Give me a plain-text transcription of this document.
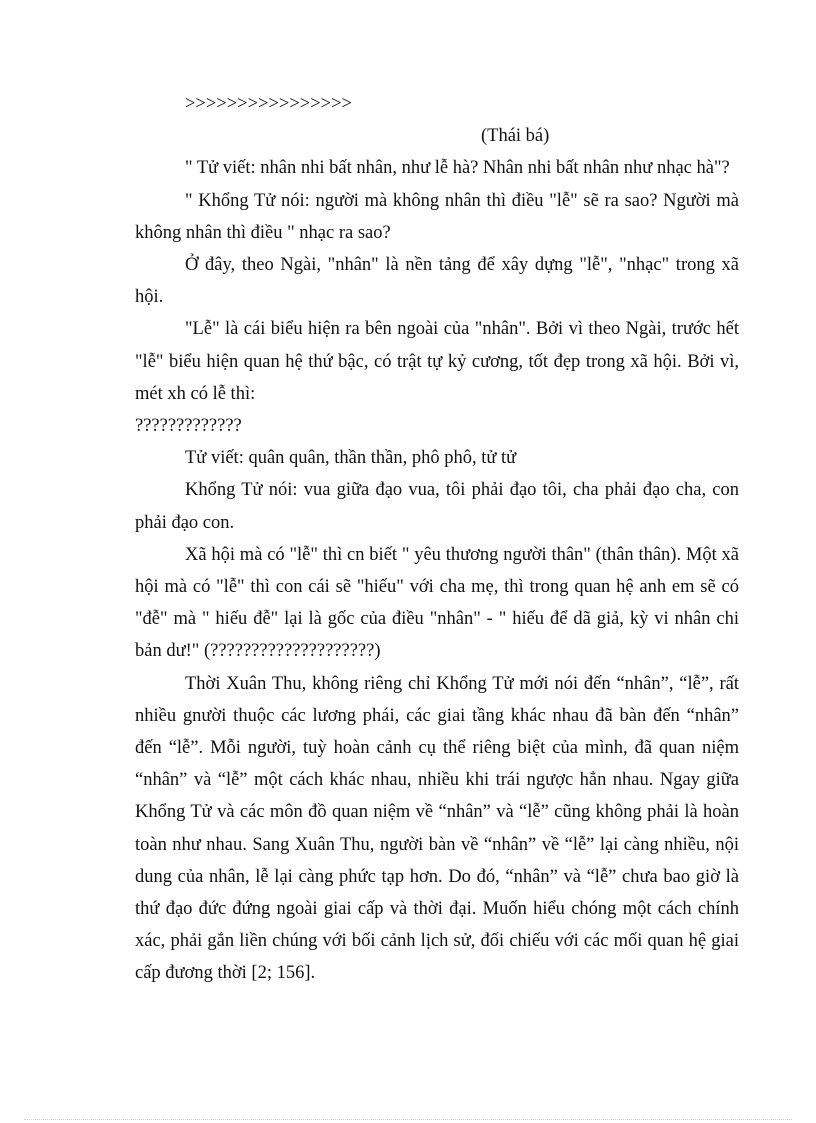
>>>>>>>>>>>>>>>>

(Thái bá)

" Tử viết: nhân nhi bất nhân, như lễ hà? Nhân nhi bất nhân như nhạc hà"?

" Khổng Tử nói: người mà không nhân thì điều "lễ" sẽ ra sao? Người mà không nhân thì điều " nhạc ra sao?

Ở đây, theo Ngài, "nhân" là nền tảng để xây dựng "lễ", "nhạc" trong xã hội.

"Lễ" là cái biểu hiện ra bên ngoài của "nhân". Bởi vì theo Ngài, trước hết "lễ" biểu hiện quan hệ thứ bậc, có trật tự kỷ cương, tốt đẹp trong xã hội. Bởi vì, mét xh có lễ thì:

?????????????

Tử viết: quân quân, thần thần, phô phô, tử tử

Khổng Tử nói: vua giữa đạo vua, tôi phải đạo tôi, cha phải đạo cha, con phải đạo con.

Xã hội mà có "lễ" thì cn biết " yêu thương người thân" (thân thân). Một xã hội mà có "lễ" thì con cái sẽ "hiếu" với cha mẹ, thì trong quan hệ anh em sẽ có "đễ" mà " hiếu đễ" lại là gốc của điều "nhân" - " hiếu để dã giả, kỳ vi nhân chi bản dư!" (????????????????????)

Thời Xuân Thu, không riêng chỉ Khổng Tử mới nói đến “nhân”, “lễ”, rất nhiều gnười thuộc các lương phái, các giai tầng khác nhau đã bàn đến “nhân” đến “lễ”. Mỗi người, tuỳ hoàn cảnh cụ thể riêng biệt của mình, đã quan niệm “nhân” và “lễ” một cách khác nhau, nhiều khi trái ngược hẳn nhau. Ngay giữa Khổng Tử và các môn đồ quan niệm về “nhân” và “lễ” cũng không phải là hoàn toàn như nhau. Sang Xuân Thu, người bàn về “nhân” về “lễ” lại càng nhiều, nội dung của nhân, lễ lại càng phức tạp hơn. Do đó, “nhân” và “lễ” chưa bao giờ là thứ đạo đức đứng ngoài giai cấp và thời đại. Muốn hiểu chóng một cách chính xác, phải gắn liền chúng với bối cảnh lịch sử, đối chiếu với các mối quan hệ giai cấp đương thời [2; 156].
